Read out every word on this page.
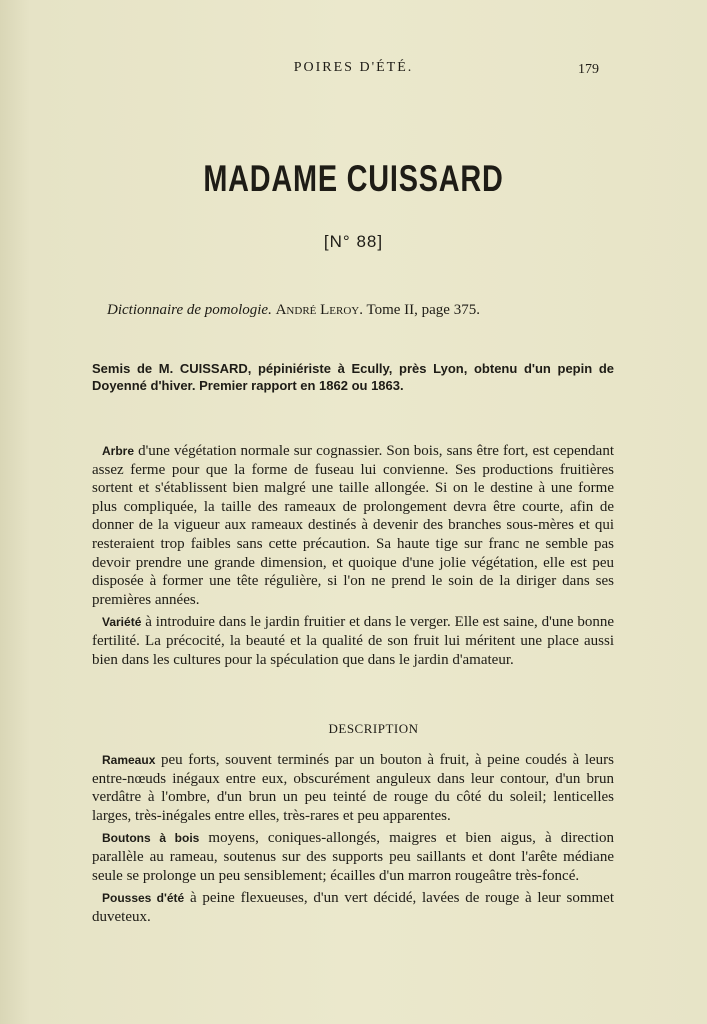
POIRES D'ÉTÉ.	179
MADAME CUISSARD
[N° 88]
Dictionnaire de pomologie. André Leroy. Tome II, page 375.
Semis de M. CUISSARD, pépiniériste à Ecully, près Lyon, obtenu d'un pepin de Doyenné d'hiver. Premier rapport en 1862 ou 1863.

Arbre d'une végétation normale sur cognassier. Son bois, sans être fort, est cependant assez ferme pour que la forme de fuseau lui convienne. Ses productions fruitières sortent et s'établissent bien malgré une taille allongée. Si on le destine à une forme plus compliquée, la taille des rameaux de prolongement devra être courte, afin de donner de la vigueur aux rameaux destinés à devenir des branches sous-mères et qui resteraient trop faibles sans cette précaution. Sa haute tige sur franc ne semble pas devoir prendre une grande dimension, et quoique d'une jolie végétation, elle est peu disposée à former une tête régulière, si l'on ne prend le soin de la diriger dans ses premières années.

Variété à introduire dans le jardin fruitier et dans le verger. Elle est saine, d'une bonne fertilité. La précocité, la beauté et la qualité de son fruit lui méritent une place aussi bien dans les cultures pour la spéculation que dans le jardin d'amateur.

DESCRIPTION

Rameaux peu forts, souvent terminés par un bouton à fruit, à peine coudés à leurs entre-nœuds inégaux entre eux, obscurément anguleux dans leur contour, d'un brun verdâtre à l'ombre, d'un brun un peu teinté de rouge du côté du soleil; lenticelles larges, très-inégales entre elles, très-rares et peu apparentes.

Boutons à bois moyens, coniques-allongés, maigres et bien aigus, à direction parallèle au rameau, soutenus sur des supports peu saillants et dont l'arête médiane seule se prolonge un peu sensiblement; écailles d'un marron rougeâtre très-foncé.

Pousses d'été à peine flexueuses, d'un vert décidé, lavées de rouge à leur sommet duveteux.
